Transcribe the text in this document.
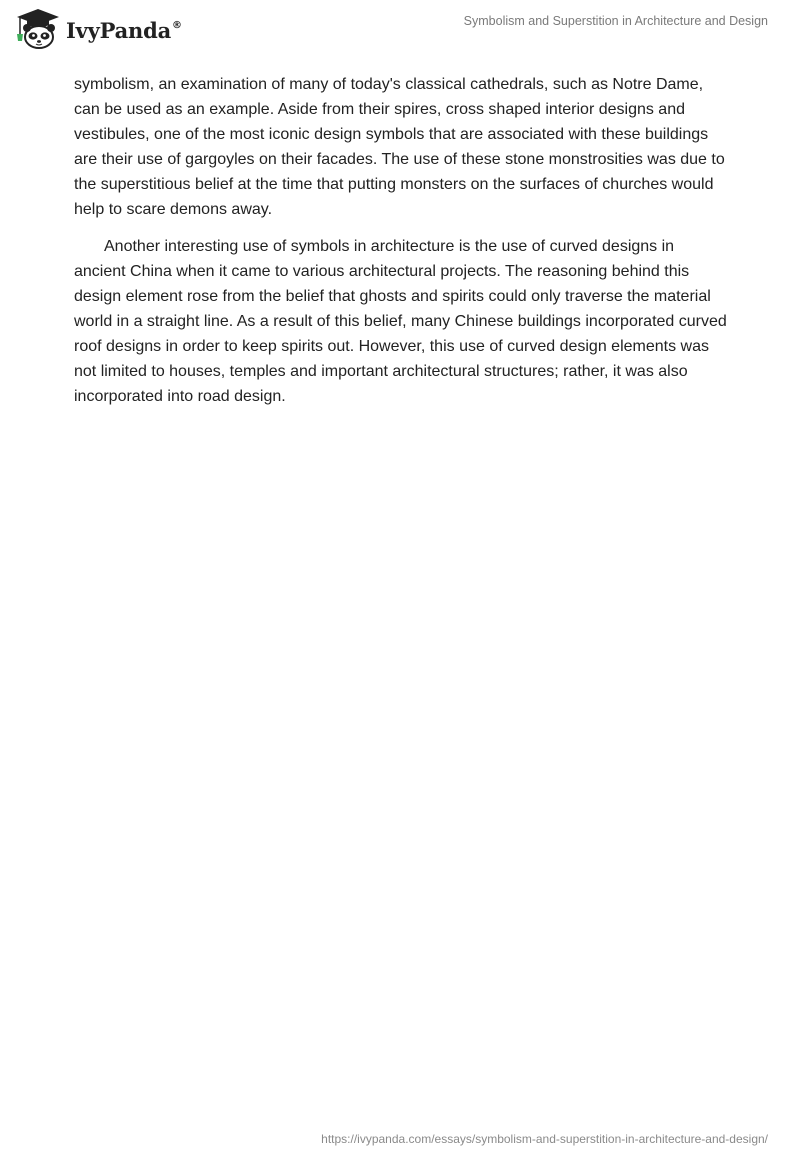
IvyPanda®	Symbolism and Superstition in Architecture and Design

symbolism, an examination of many of today's classical cathedrals, such as Notre Dame, can be used as an example. Aside from their spires, cross shaped interior designs and vestibules, one of the most iconic design symbols that are associated with these buildings are their use of gargoyles on their facades. The use of these stone monstrosities was due to the superstitious belief at the time that putting monsters on the surfaces of churches would help to scare demons away.

Another interesting use of symbols in architecture is the use of curved designs in ancient China when it came to various architectural projects. The reasoning behind this design element rose from the belief that ghosts and spirits could only traverse the material world in a straight line. As a result of this belief, many Chinese buildings incorporated curved roof designs in order to keep spirits out. However, this use of curved design elements was not limited to houses, temples and important architectural structures; rather, it was also incorporated into road design.

https://ivypanda.com/essays/symbolism-and-superstition-in-architecture-and-design/
